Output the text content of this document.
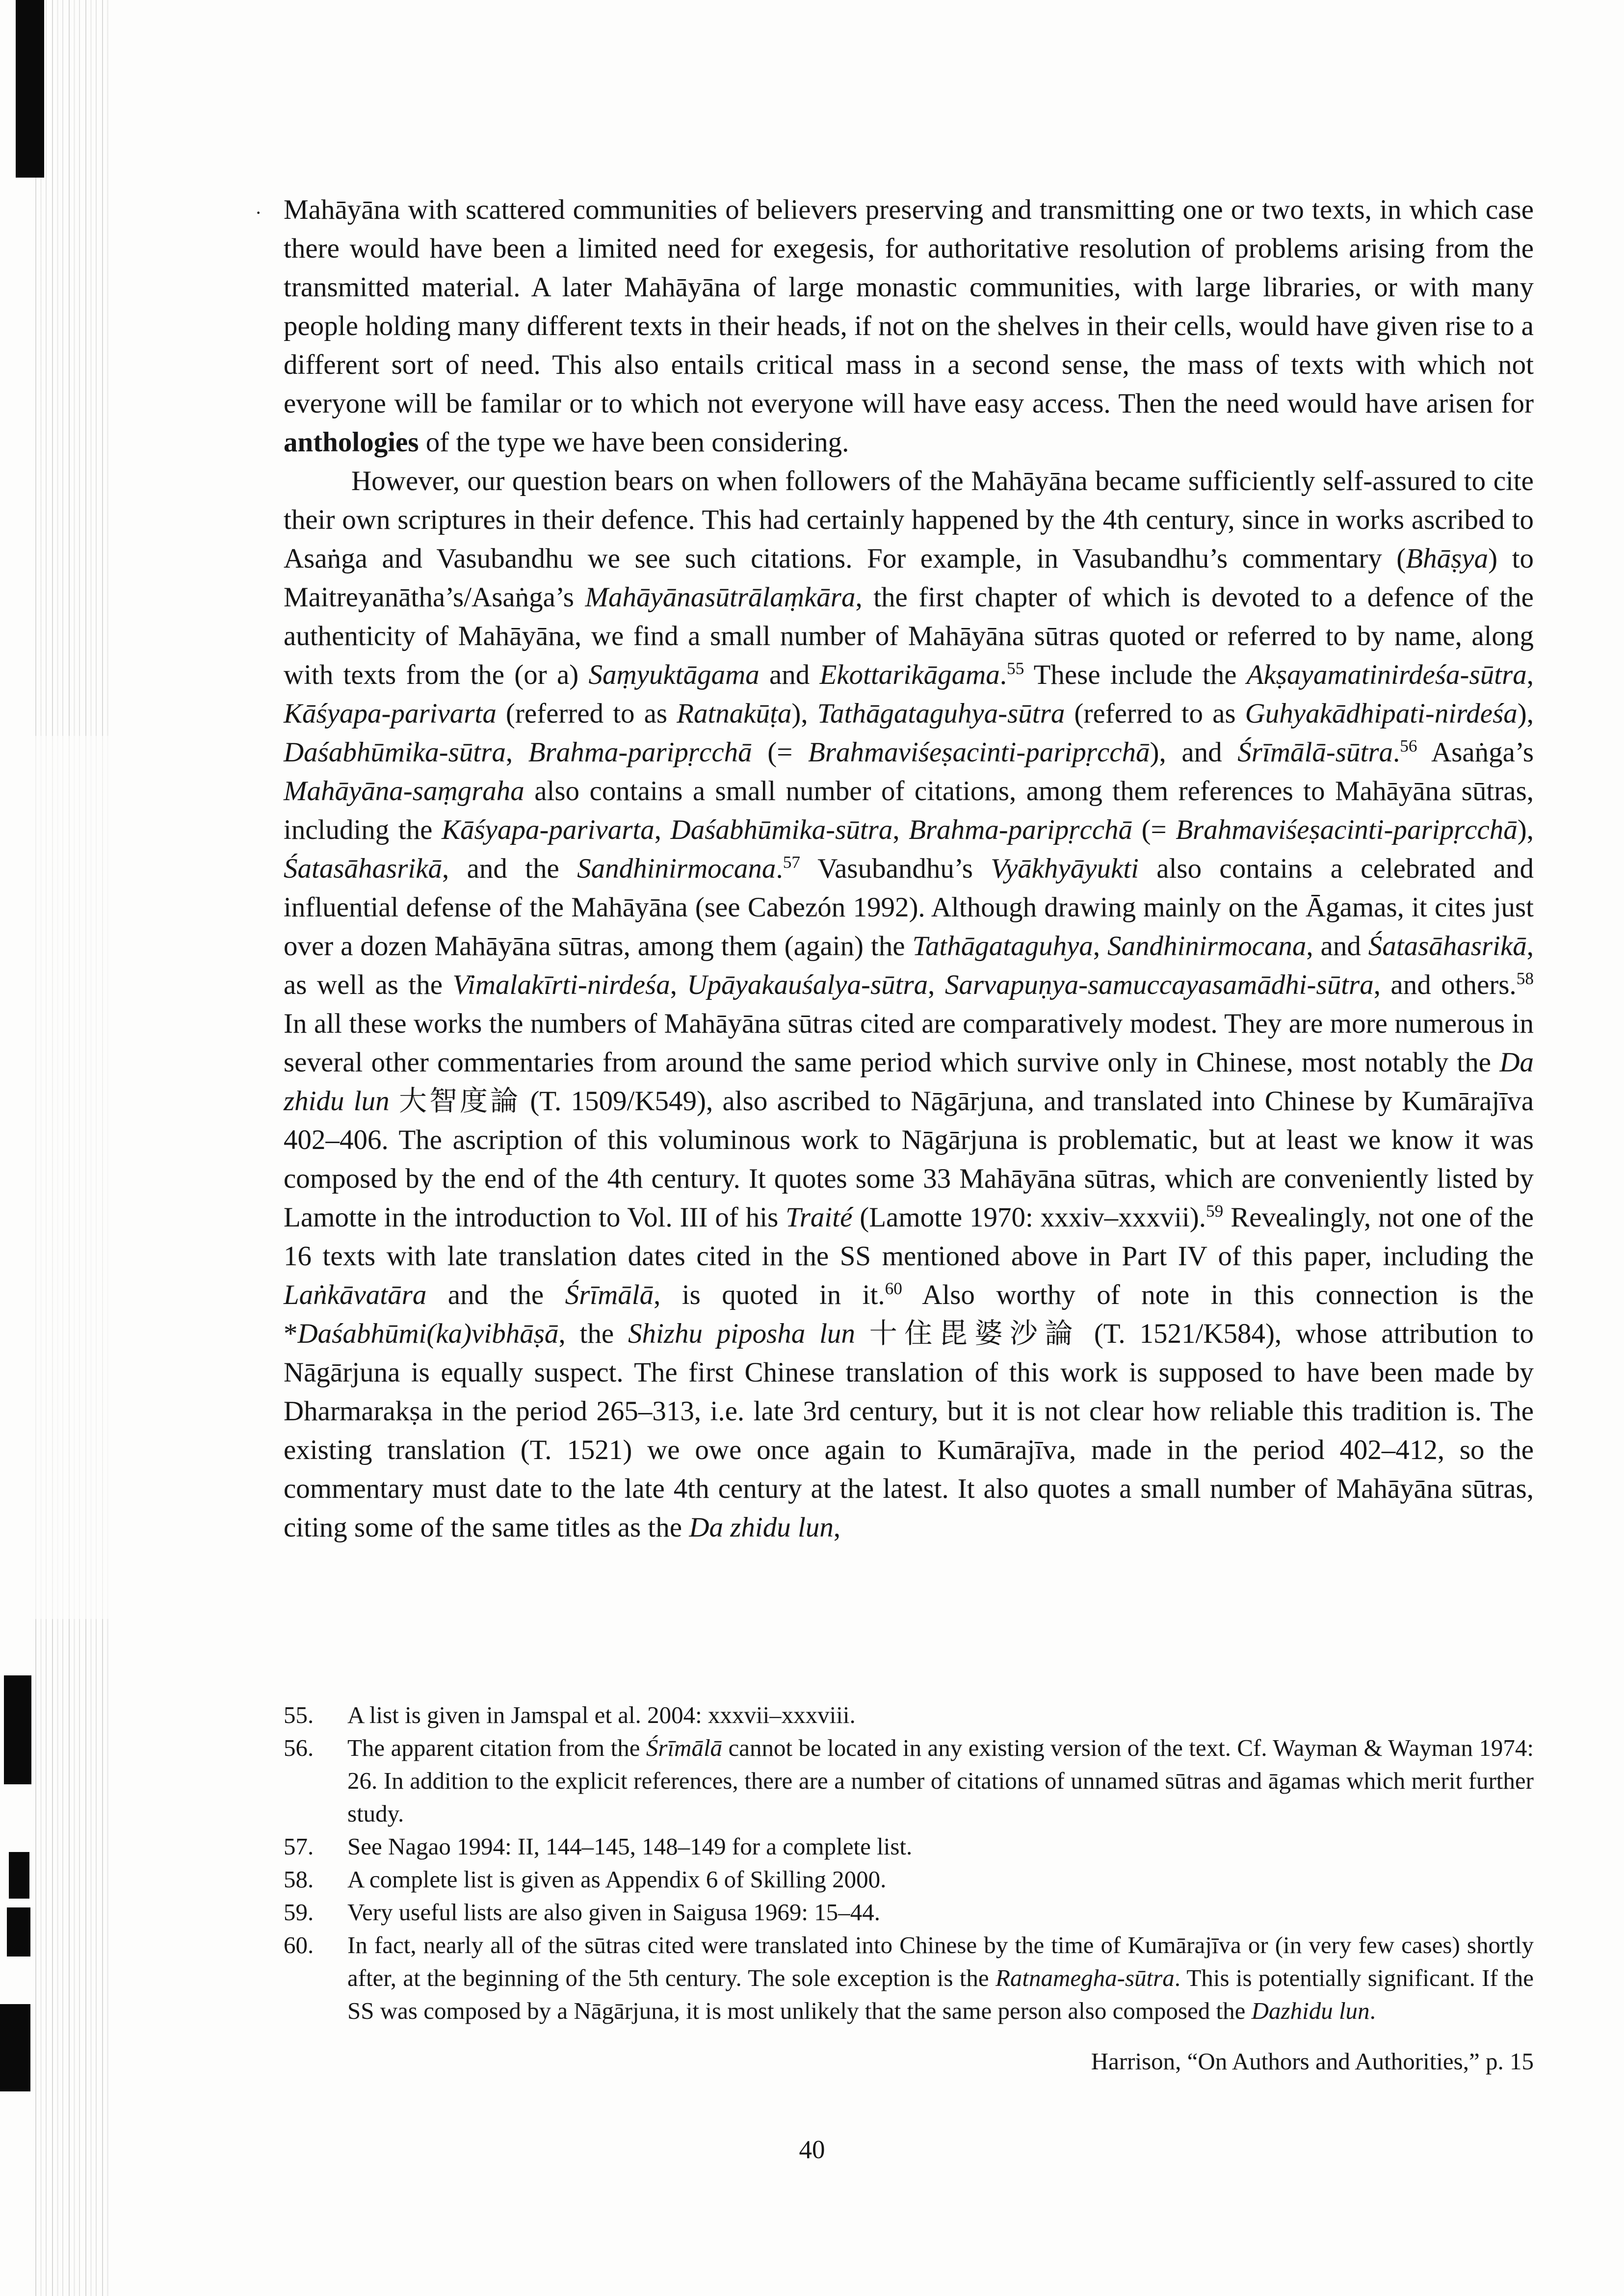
· Mahāyāna with scattered communities of believers preserving and transmitting one or two texts, in which case there would have been a limited need for exegesis, for authoritative resolution of problems arising from the transmitted material. A later Mahāyāna of large monastic communities, with large libraries, or with many people holding many different texts in their heads, if not on the shelves in their cells, would have given rise to a different sort of need. This also entails critical mass in a second sense, the mass of texts with which not everyone will be familar or to which not everyone will have easy access. Then the need would have arisen for anthologies of the type we have been considering.

However, our question bears on when followers of the Mahāyāna became sufficiently self-assured to cite their own scriptures in their defence. This had certainly happened by the 4th century, since in works ascribed to Asaṅga and Vasubandhu we see such citations. For example, in Vasubandhu’s commentary (Bhāṣya) to Maitreyanātha’s/Asaṅga’s Mahāyānasūtrālaṃkāra, the first chapter of which is devoted to a defence of the authenticity of Mahāyāna, we find a small number of Mahāyāna sūtras quoted or referred to by name, along with texts from the (or a) Saṃyuktāgama and Ekottarikāgama.$^{55}$ These include the Akṣayamatinirdeśa-sūtra, Kāśyapa-parivarta (referred to as Ratnakūṭa), Tathāgataguhya-sūtra (referred to as Guhyakādhipati-nirdeśa), Daśabhūmika-sūtra, Brahma-paripṛcchā (= Brahmaviśeṣacinti-paripṛcchā), and Śrīmālā-sūtra.$^{56}$ Asaṅga’s Mahāyāna-saṃgraha also contains a small number of citations, among them references to Mahāyāna sūtras, including the Kāśyapa-parivarta, Daśabhūmika-sūtra, Brahma-paripṛcchā (= Brahmaviśeṣacinti-paripṛcchā), Śatasāhasrikā, and the Sandhinirmocana.$^{57}$ Vasubandhu’s Vyākhyāyukti also contains a celebrated and influential defense of the Mahāyāna (see Cabezón 1992). Although drawing mainly on the Āgamas, it cites just over a dozen Mahāyāna sūtras, among them (again) the Tathāgataguhya, Sandhinirmocana, and Śatasāhasrikā, as well as the Vimalakīrti-nirdeśa, Upāyakauśalya-sūtra, Sarvapuṇya-samuccayasamādhi-sūtra, and others.$^{58}$ In all these works the numbers of Mahāyāna sūtras cited are comparatively modest. They are more numerous in several other commentaries from around the same period which survive only in Chinese, most notably the Da zhidu lun 大智度論 (T. 1509/K549), also ascribed to Nāgārjuna, and translated into Chinese by Kumārajīva 402–406. The ascription of this voluminous work to Nāgārjuna is problematic, but at least we know it was composed by the end of the 4th century. It quotes some 33 Mahāyāna sūtras, which are conveniently listed by Lamotte in the introduction to Vol. III of his Traité (Lamotte 1970: xxxiv–xxxvii).$^{59}$ Revealingly, not one of the 16 texts with late translation dates cited in the SS mentioned above in Part IV of this paper, including the Laṅkāvatāra and the Śrīmālā, is quoted in it.$^{60}$ Also worthy of note in this connection is the *Daśabhūmi(ka)vibhāṣā, the Shizhu piposha lun 十住毘婆沙論 (T. 1521/K584), whose attribution to Nāgārjuna is equally suspect. The first Chinese translation of this work is supposed to have been made by Dharmarakṣa in the period 265–313, i.e. late 3rd century, but it is not clear how reliable this tradition is. The existing translation (T. 1521) we owe once again to Kumārajīva, made in the period 402–412, so the commentary must date to the late 4th century at the latest. It also quotes a small number of Mahāyāna sūtras, citing some of the same titles as the Da zhidu lun,

55.	A list is given in Jamspal et al. 2004: xxxvii–xxxviii.
56.	The apparent citation from the Śrīmālā cannot be located in any existing version of the text. Cf. Wayman & Wayman 1974: 26. In addition to the explicit references, there are a number of citations of unnamed sūtras and āgamas which merit further study.
57.	See Nagao 1994: II, 144–145, 148–149 for a complete list.
58.	A complete list is given as Appendix 6 of Skilling 2000.
59.	Very useful lists are also given in Saigusa 1969: 15–44.
60.	In fact, nearly all of the sūtras cited were translated into Chinese by the time of Kumārajīva or (in very few cases) shortly after, at the beginning of the 5th century. The sole exception is the Ratnamegha-sūtra. This is potentially significant. If the SS was composed by a Nāgārjuna, it is most unlikely that the same person also composed the Dazhidu lun.
Harrison, “On Authors and Authorities,” p. 15
40
